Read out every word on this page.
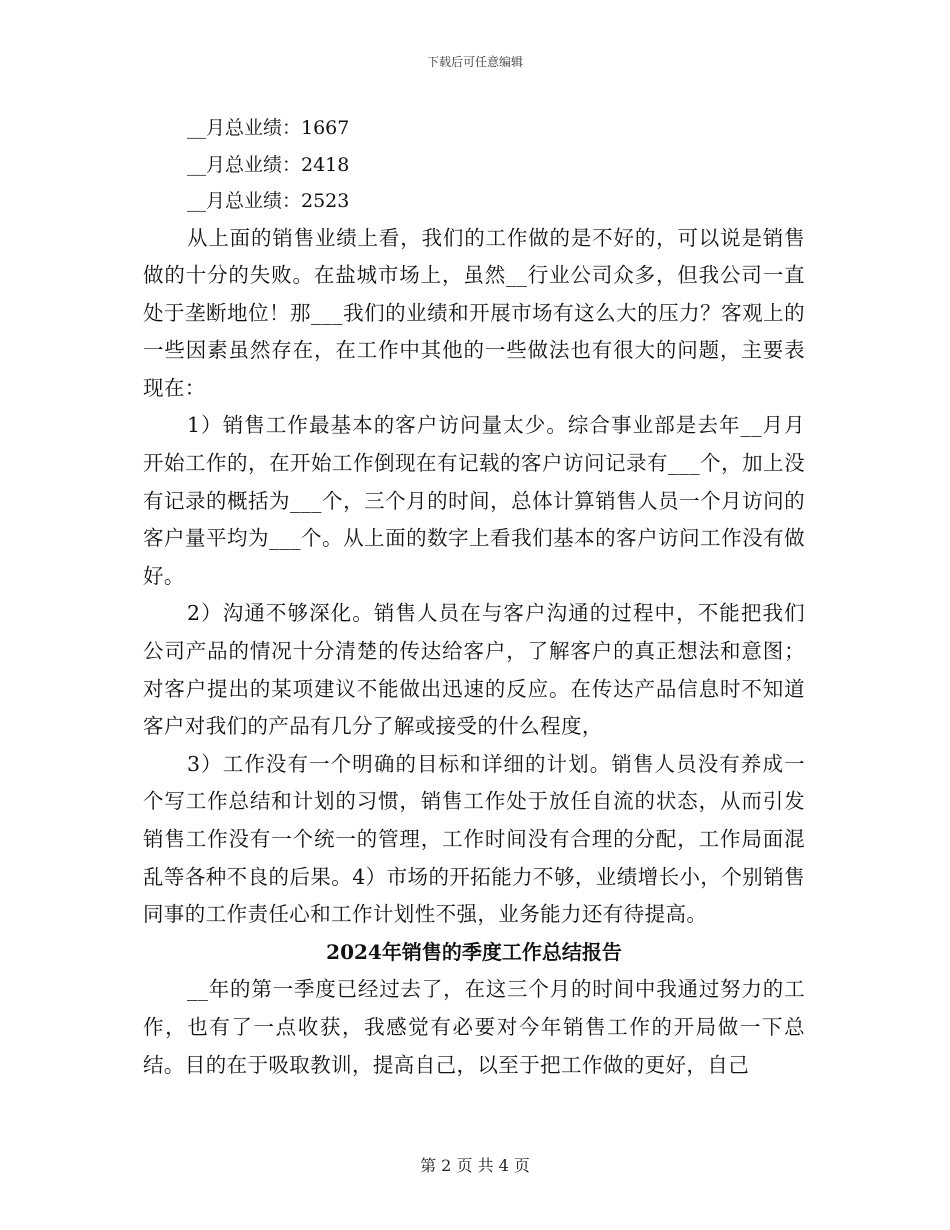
下载后可任意编辑
__月总业绩：1667
__月总业绩：2418
__月总业绩：2523

从上面的销售业绩上看，我们的工作做的是不好的，可以说是销售做的十分的失败。在盐城市场上，虽然__行业公司众多，但我公司一直处于垄断地位！那___我们的业绩和开展市场有这么大的压力？客观上的一些因素虽然存在，在工作中其他的一些做法也有很大的问题，主要表现在：

1）销售工作最基本的客户访问量太少。综合事业部是去年__月月开始工作的，在开始工作倒现在有记载的客户访问记录有___个，加上没有记录的概括为___个，三个月的时间，总体计算销售人员一个月访问的客户量平均为___个。从上面的数字上看我们基本的客户访问工作没有做好。

2）沟通不够深化。销售人员在与客户沟通的过程中，不能把我们公司产品的情况十分清楚的传达给客户，了解客户的真正想法和意图；对客户提出的某项建议不能做出迅速的反应。在传达产品信息时不知道客户对我们的产品有几分了解或接受的什么程度，

3）工作没有一个明确的目标和详细的计划。销售人员没有养成一个写工作总结和计划的习惯，销售工作处于放任自流的状态，从而引发销售工作没有一个统一的管理，工作时间没有合理的分配，工作局面混乱等各种不良的后果。4）市场的开拓能力不够，业绩增长小，个别销售同事的工作责任心和工作计划性不强，业务能力还有待提高。

2024年销售的季度工作总结报告

__年的第一季度已经过去了，在这三个月的时间中我通过努力的工作，也有了一点收获，我感觉有必要对今年销售工作的开局做一下总结。目的在于吸取教训，提高自己，以至于把工作做的更好，自己

第 2 页 共 4 页
